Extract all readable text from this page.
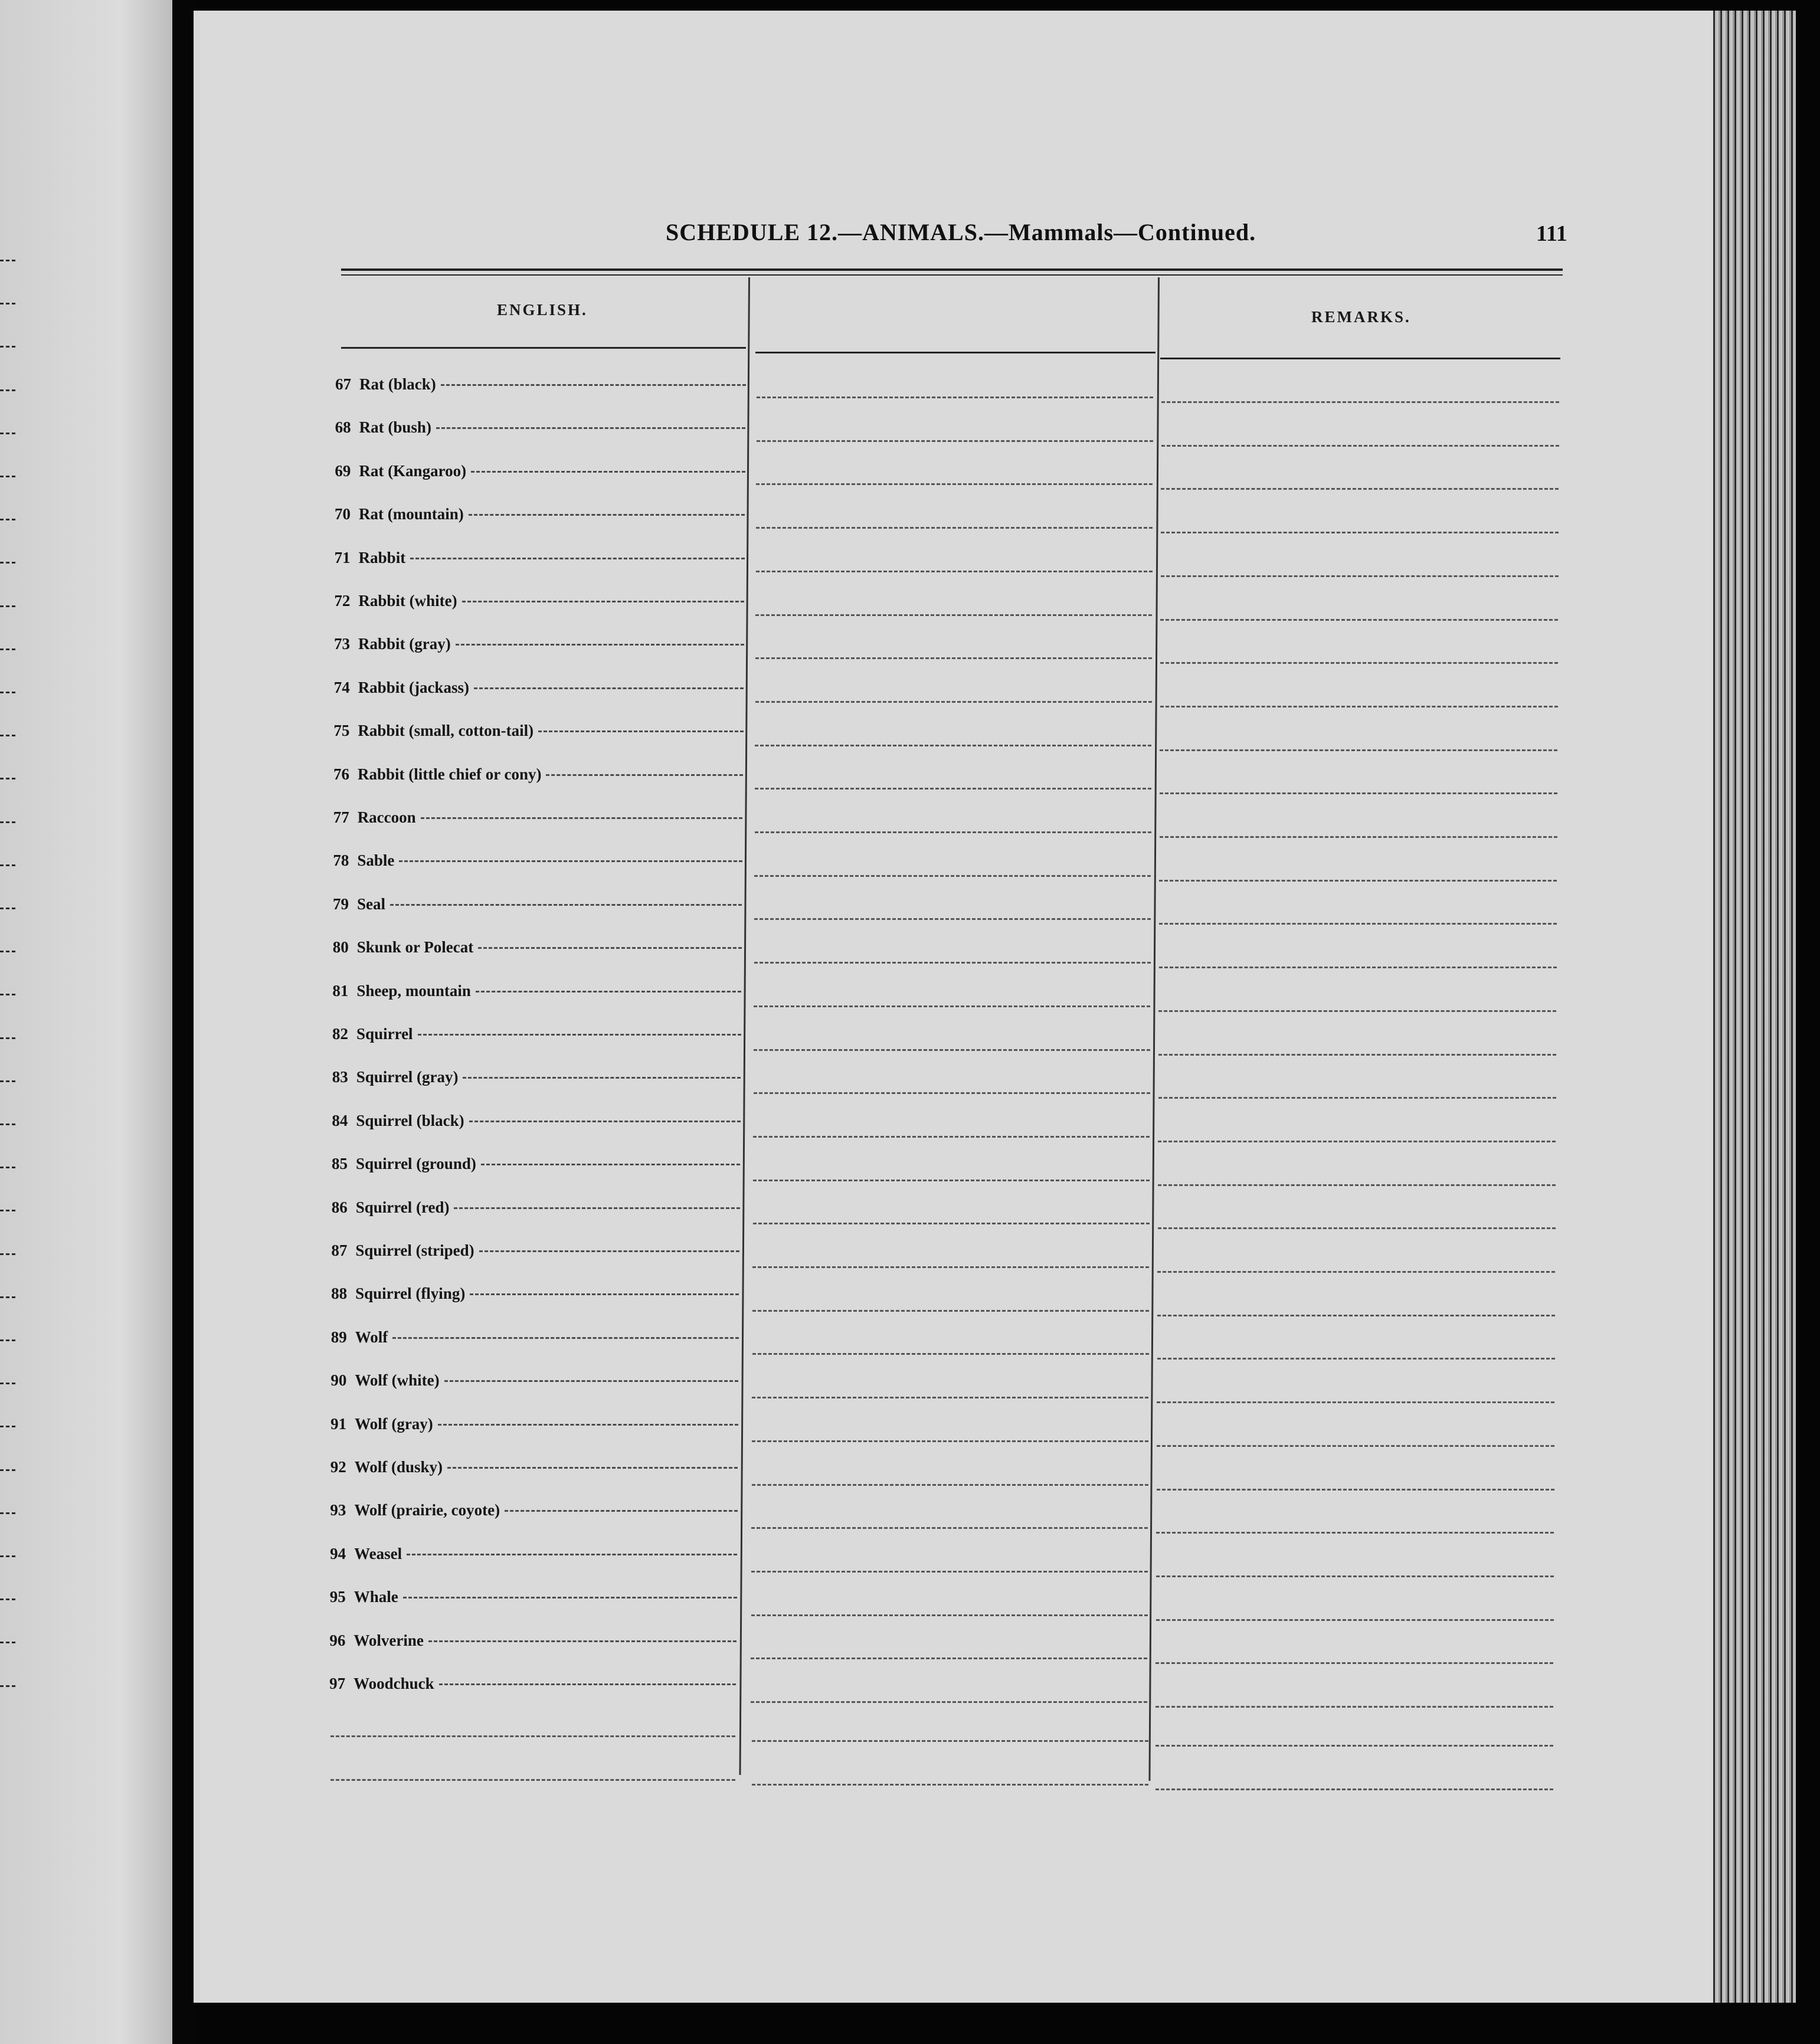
SCHEDULE 12.—ANIMALS.—Mammals—Continued.	111
ENGLISH.	REMARKS.
67 Rat (black)
68 Rat (bush)
69 Rat (Kangaroo)
70 Rat (mountain)
71 Rabbit
72 Rabbit (white)
73 Rabbit (gray)
74 Rabbit (jackass)
75 Rabbit (small, cotton-tail)
76 Rabbit (little chief or cony)
77 Raccoon
78 Sable
79 Seal
80 Skunk or Polecat
81 Sheep, mountain
82 Squirrel
83 Squirrel (gray)
84 Squirrel (black)
85 Squirrel (ground)
86 Squirrel (red)
87 Squirrel (striped)
88 Squirrel (flying)
89 Wolf
90 Wolf (white)
91 Wolf (gray)
92 Wolf (dusky)
93 Wolf (prairie, coyote)
94 Weasel
95 Whale
96 Wolverine
97 Woodchuck
